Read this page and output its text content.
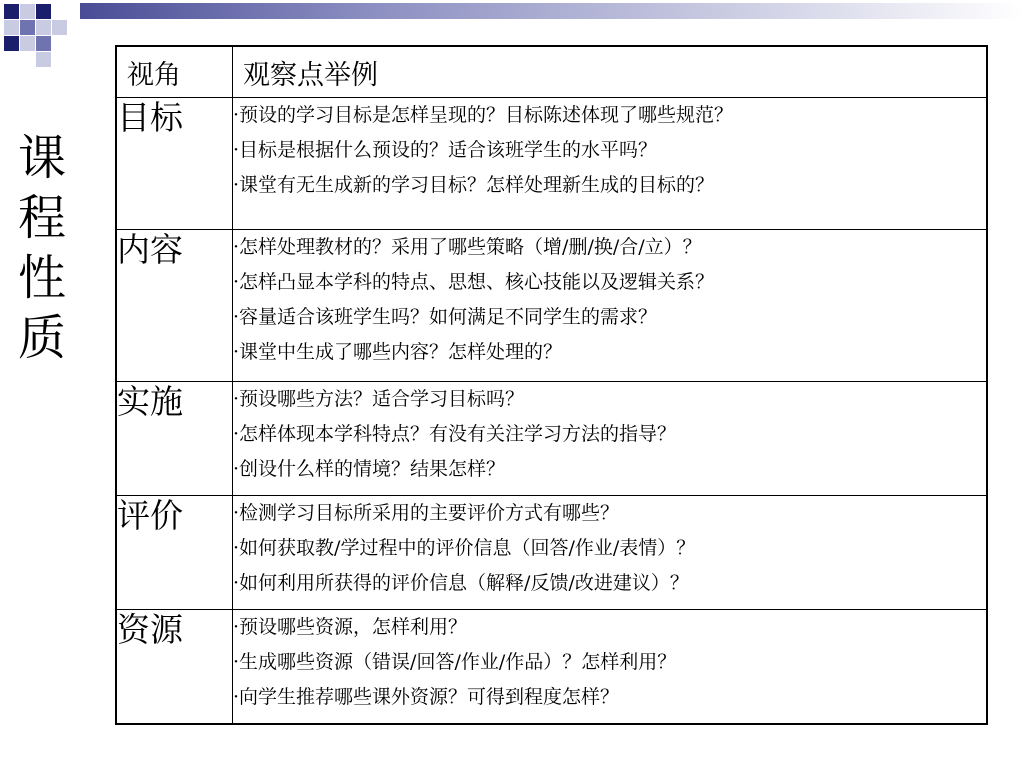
课
程
性
质
视角	观察点举例
目标	·预设的学习目标是怎样呈现的？目标陈述体现了哪些规范？
·目标是根据什么预设的？适合该班学生的水平吗？
·课堂有无生成新的学习目标？怎样处理新生成的目标的？

内容	·怎样处理教材的？采用了哪些策略（增/删/换/合/立）？
·怎样凸显本学科的特点、思想、核心技能以及逻辑关系？
·容量适合该班学生吗？如何满足不同学生的需求？
·课堂中生成了哪些内容？怎样处理的？

实施	·预设哪些方法？适合学习目标吗？
·怎样体现本学科特点？有没有关注学习方法的指导？
·创设什么样的情境？结果怎样？

评价	·检测学习目标所采用的主要评价方式有哪些？
·如何获取教/学过程中的评价信息（回答/作业/表情）？
·如何利用所获得的评价信息（解释/反馈/改进建议）？

资源	·预设哪些资源，怎样利用？
·生成哪些资源（错误/回答/作业/作品）？怎样利用？
·向学生推荐哪些课外资源？可得到程度怎样？
